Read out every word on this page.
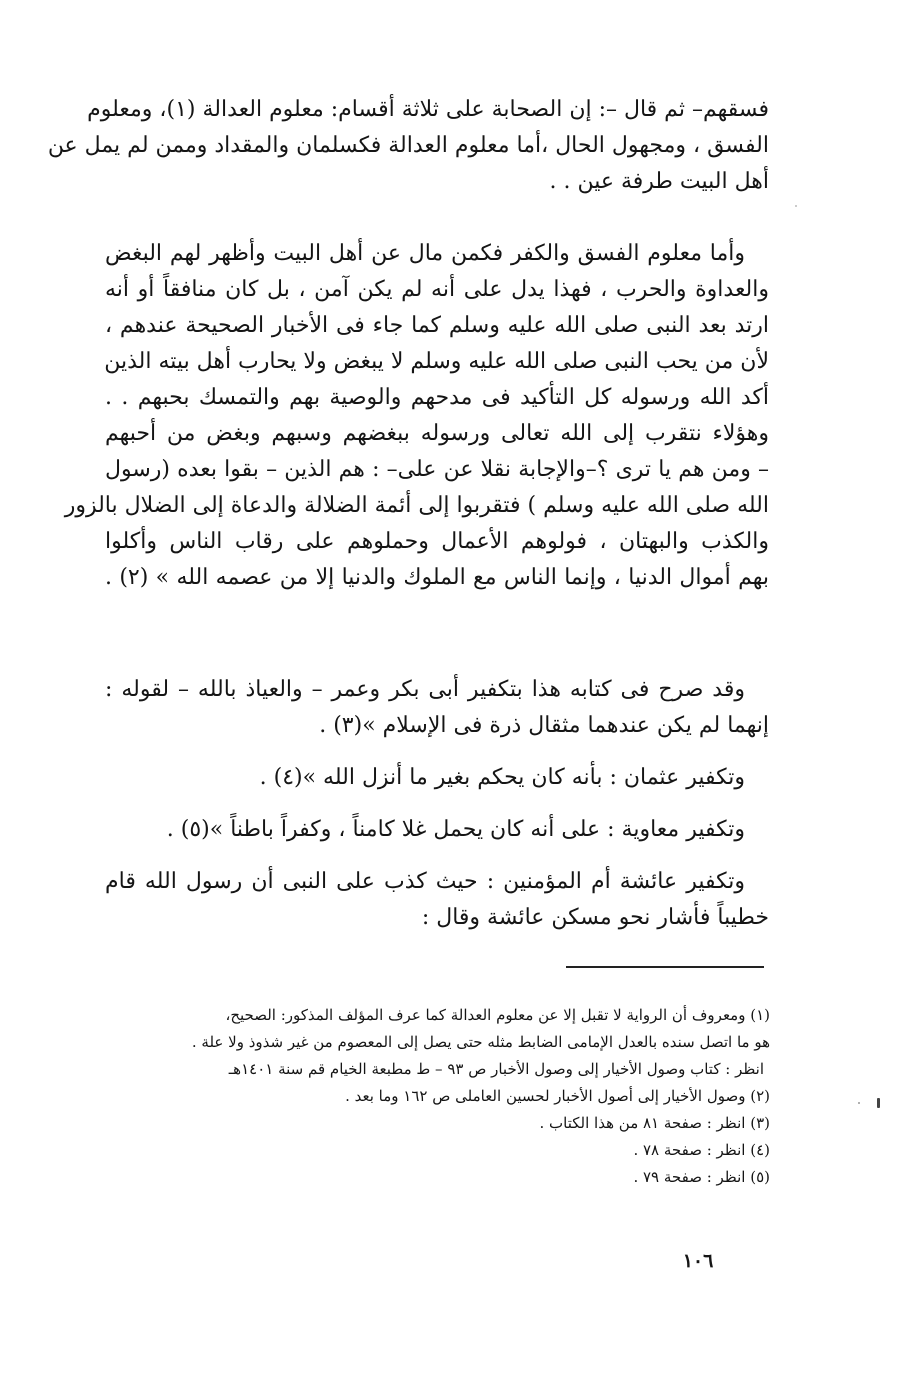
فسقهم– ثم قال –: إن الصحابة على ثلاثة أقسام: معلوم العدالة (١)، ومعلوم
الفسق ، ومجهول الحال ،أما معلوم العدالة فكسلمان والمقداد وممن لم يمل عن
أهل البيت طرفة عين . .
وأما معلوم الفسق والكفر فكمن مال عن أهل البيت وأظهر لهم البغض
والعداوة والحرب ، فهذا يدل على أنه لم يكن آمن ، بل كان منافقاً أو أنه
ارتد بعد النبى صلى الله عليه وسلم كما جاء فى الأخبار الصحيحة عندهم ،
لأن من يحب النبى صلى الله عليه وسلم لا يبغض ولا يحارب أهل بيته الذين
أكد الله ورسوله كل التأكيد فى مدحهم والوصية بهم والتمسك بحبهم . .
وهؤلاء نتقرب إلى الله تعالى ورسوله ببغضهم وسبهم وبغض من أحبهم
– ومن هم يا ترى ؟–والإجابة نقلا عن على– : هم الذين – بقوا بعده (رسول
الله صلى الله عليه وسلم ) فتقربوا إلى أئمة الضلالة والدعاة إلى الضلال بالزور
والكذب والبهتان ، فولوهم الأعمال وحملوهم على رقاب الناس وأكلوا
بهم أموال الدنيا ، وإنما الناس مع الملوك والدنيا إلا من عصمه الله » (٢) .
وقد صرح فى كتابه هذا بتكفير أبى بكر وعمر – والعياذ بالله – لقوله :
إنهما لم يكن عندهما مثقال ذرة فى الإسلام »(٣) .
وتكفير عثمان : بأنه كان يحكم بغير ما أنزل الله »(٤) .
وتكفير معاوية : على أنه كان يحمل غلا كامناً ، وكفراً باطناً »(٥) .
وتكفير عائشة أم المؤمنين : حيث كذب على النبى أن رسول الله قام
خطيباً فأشار نحو مسكن عائشة وقال :
(١) ومعروف أن الرواية لا تقبل إلا عن معلوم العدالة كما عرف المؤلف المذكور: الصحيح،
هو ما اتصل سنده بالعدل الإمامى الضابط مثله حتى يصل إلى المعصوم من غير شذوذ ولا علة .
انظر : كتاب وصول الأخيار إلى وصول الأخبار ص ٩٣ – ط مطبعة الخيام قم سنة ١٤٠١هـ
(٢) وصول الأخيار إلى أصول الأخبار لحسين العاملى ص ١٦٢ وما بعد .
(٣) انظر : صفحة ٨١ من هذا الكتاب .
(٤) انظر : صفحة ٧٨ .
(٥) انظر : صفحة ٧٩ .
١٠٦
